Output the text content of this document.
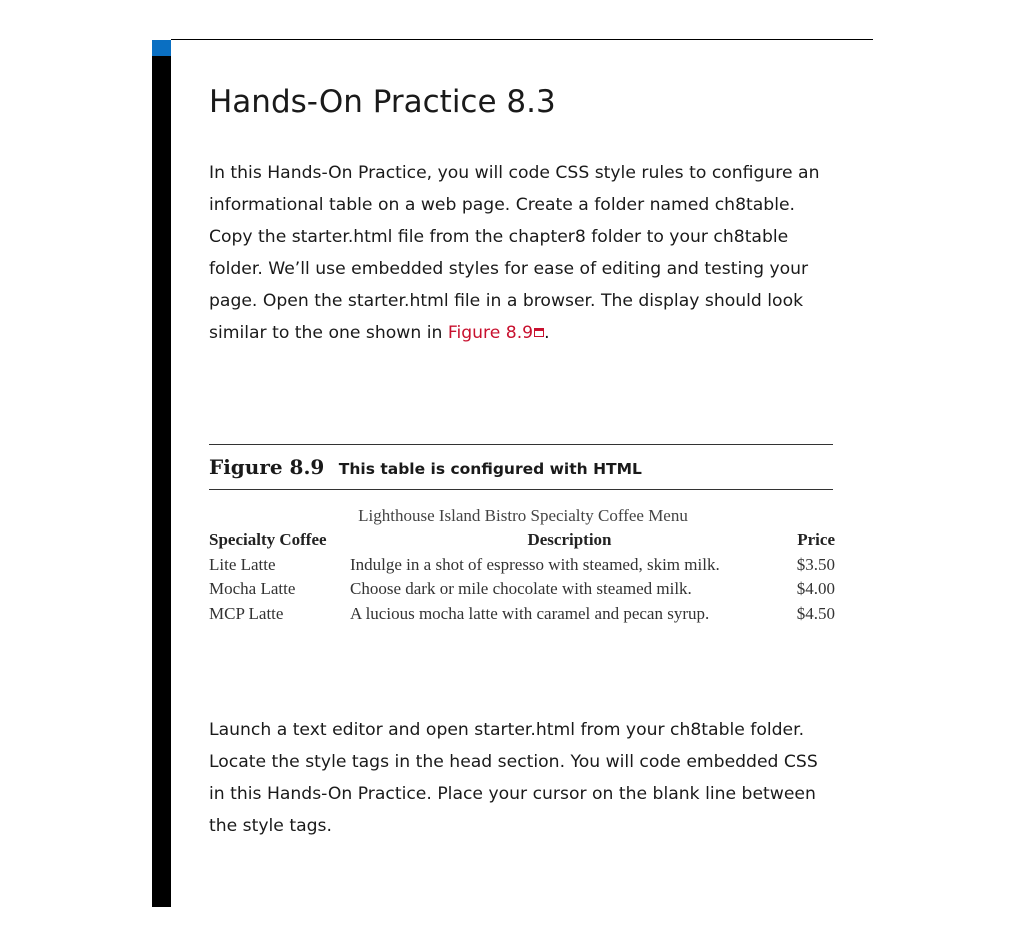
Hands-On Practice 8.3

In this Hands-On Practice, you will code CSS style rules to configure an informational table on a web page. Create a folder named ch8table. Copy the starter.html file from the chapter8 folder to your ch8table folder. We’ll use embedded styles for ease of editing and testing your page. Open the starter.html file in a browser. The display should look similar to the one shown in Figure 8.9 .

Figure 8.9 This table is configured with HTML
Lighthouse Island Bistro Specialty Coffee Menu
Specialty Coffee	Description	Price
Lite Latte	Indulge in a shot of espresso with steamed, skim milk.	$3.50
Mocha Latte	Choose dark or mile chocolate with steamed milk.	$4.00
MCP Latte	A lucious mocha latte with caramel and pecan syrup.	$4.50

Launch a text editor and open starter.html from your ch8table folder. Locate the style tags in the head section. You will code embedded CSS in this Hands-On Practice. Place your cursor on the blank line between the style tags.
